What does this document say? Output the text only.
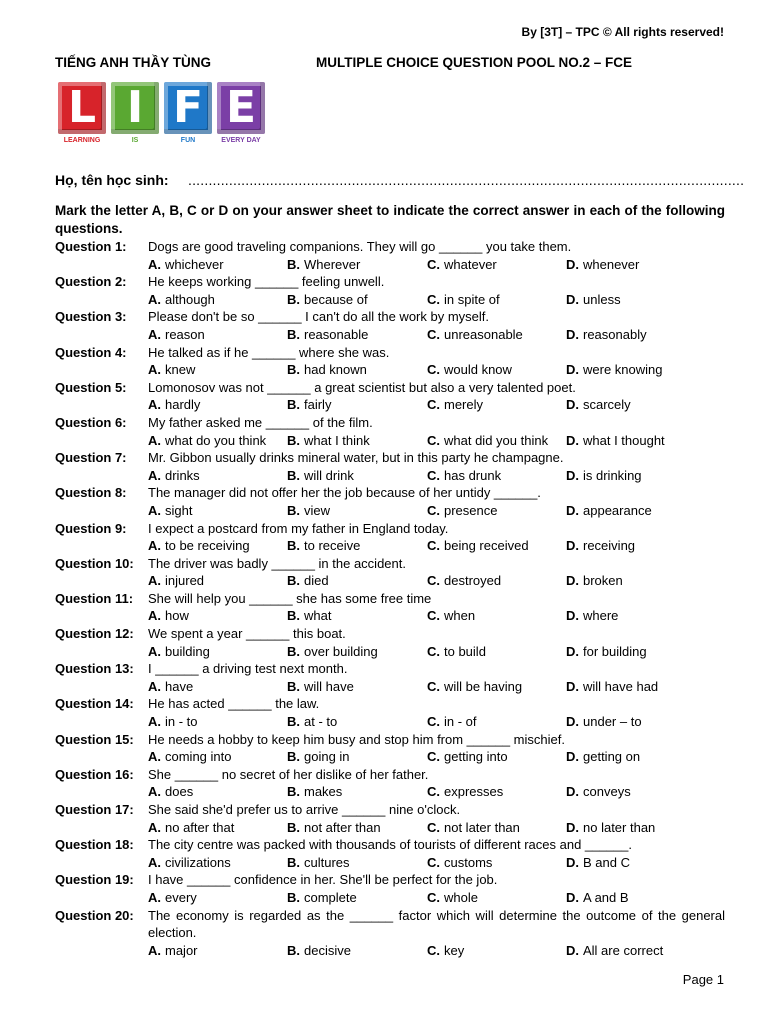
By [3T] – TPC © All rights reserved!
TIẾNG ANH THẦY TÙNG	MULTIPLE CHOICE QUESTION POOL NO.2 – FCE
L I F E
LEARNING	IS	FUN	EVERY DAY
Họ, tên học sinh: ........................................................................................................................................
Mark the letter A, B, C or D on your answer sheet to indicate the correct answer in each of the following questions.
Question 1: Dogs are good traveling companions. They will go ______ you take them.
A. whichever	B. Wherever	C. whatever	D. whenever
Question 2: He keeps working ______ feeling unwell.
A. although	B. because of	C. in spite of	D. unless
Question 3: Please don't be so ______ I can't do all the work by myself.
A. reason	B. reasonable	C. unreasonable	D. reasonably
Question 4: He talked as if he ______ where she was.
A. knew	B. had known	C. would know	D. were knowing
Question 5: Lomonosov was not ______ a great scientist but also a very talented poet.
A. hardly	B. fairly	C. merely	D. scarcely
Question 6: My father asked me ______ of the film.
A. what do you think B. what I think	C. what did you think D. what I thought
Question 7: Mr. Gibbon usually drinks mineral water, but in this party he champagne.
A. drinks	B. will drink	C. has drunk	D. is drinking
Question 8: The manager did not offer her the job because of her untidy ______.
A. sight	B. view	C. presence	D. appearance
Question 9: I expect a postcard from my father in England today.
A. to be receiving	B. to receive	C. being received	D. receiving
Question 10: The driver was badly ______ in the accident.
A. injured	B. died	C. destroyed	D. broken
Question 11: She will help you ______ she has some free time
A. how	B. what	C. when	D. where
Question 12: We spent a year ______ this boat.
A. building	B. over building	C. to build	D. for building
Question 13: I ______ a driving test next month.
A. have	B. will have	C. will be having	D. will have had
Question 14: He has acted ______ the law.
A. in - to	B. at - to	C. in - of	D. under – to
Question 15: He needs a hobby to keep him busy and stop him from ______ mischief.
A. coming into	B. going in	C. getting into	D. getting on
Question 16: She ______ no secret of her dislike of her father.
A. does	B. makes	C. expresses	D. conveys
Question 17: She said she'd prefer us to arrive ______ nine o'clock.
A. no after that	B. not after than	C. not later than	D. no later than
Question 18: The city centre was packed with thousands of tourists of different races and ______.
A. civilizations	B. cultures	C. customs	D. B and C
Question 19: I have ______ confidence in her. She'll be perfect for the job.
A. every	B. complete	C. whole	D. A and B
Question 20: The economy is regarded as the ______ factor which will determine the outcome of the general election.
A. major	B. decisive	C. key	D. All are correct
Page 1
